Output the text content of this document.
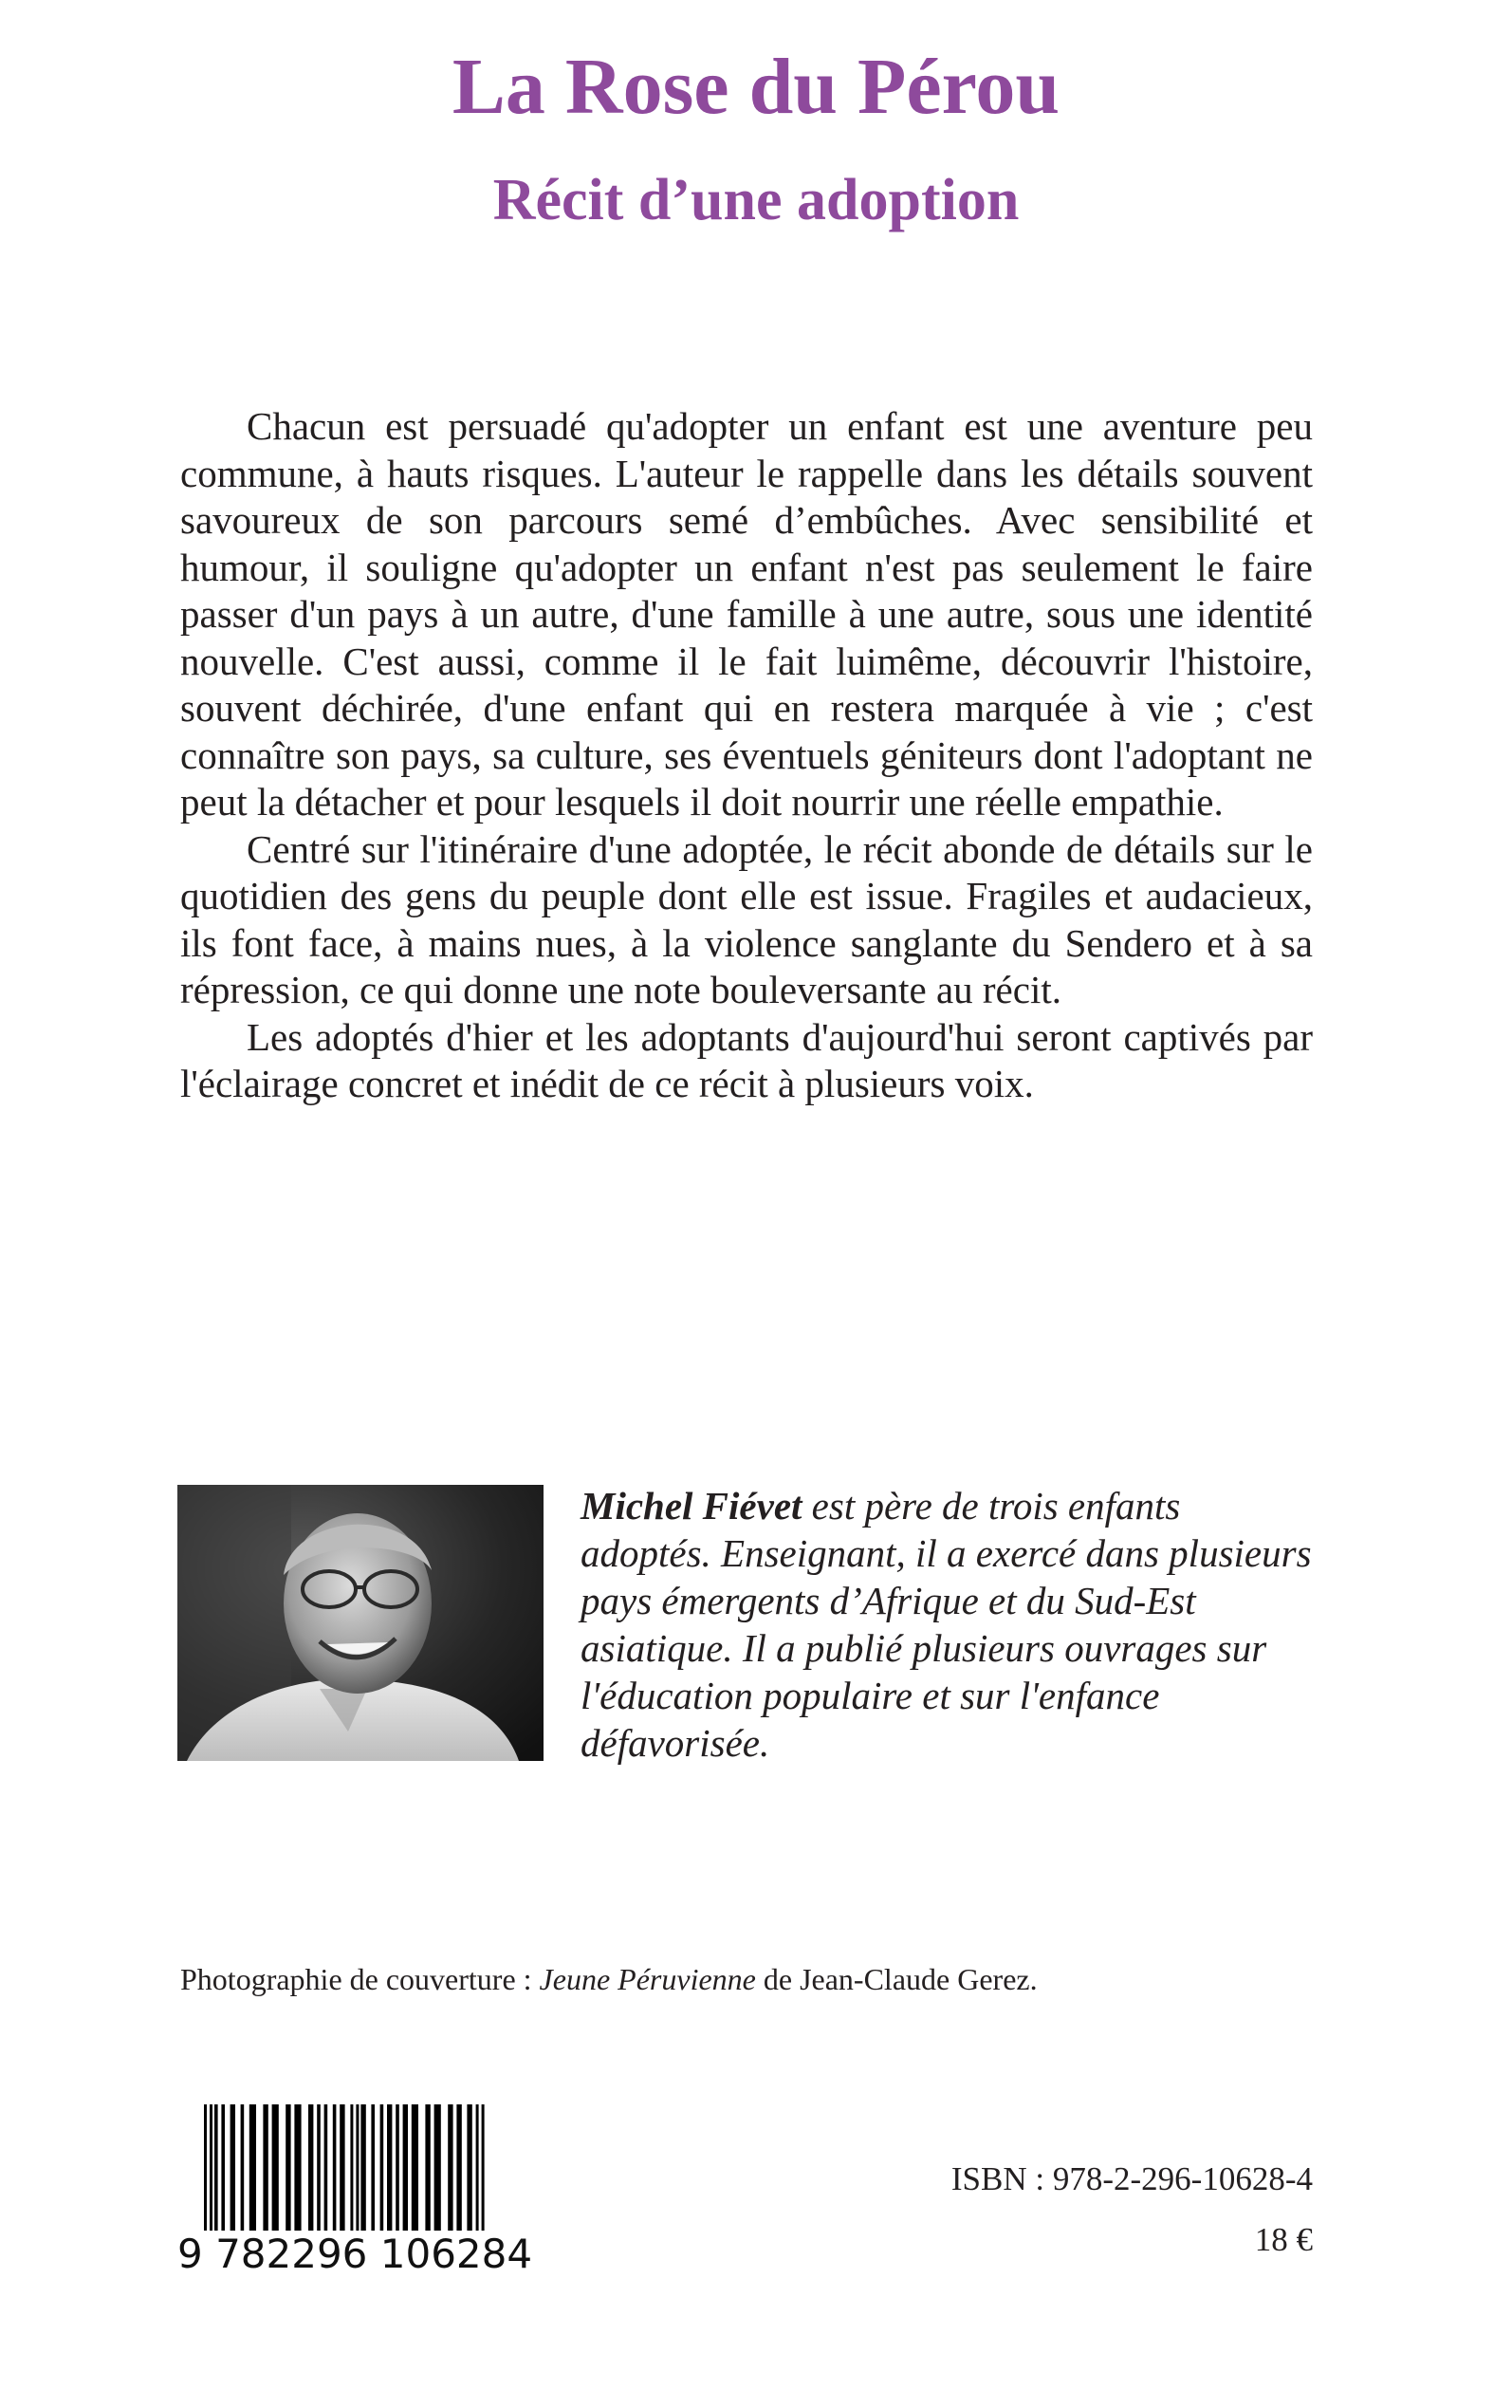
La Rose du Pérou
Récit d’une adoption

Chacun est persuadé qu'adopter un enfant est une aventure peu commune, à hauts risques. L'auteur le rappelle dans les détails souvent savoureux de son parcours semé d’embûches. Avec sensibilité et humour, il souligne qu'adopter un enfant n'est pas seulement le faire passer d'un pays à un autre, d'une famille à une autre, sous une identité nouvelle. C'est aussi, comme il le fait luimême, découvrir l'histoire, souvent déchirée, d'une enfant qui en restera marquée à vie ; c'est connaître son pays, sa culture, ses éventuels géniteurs dont l'adoptant ne peut la détacher et pour lesquels il doit nourrir une réelle empathie.

Centré sur l'itinéraire d'une adoptée, le récit abonde de détails sur le quotidien des gens du peuple dont elle est issue. Fragiles et audacieux, ils font face, à mains nues, à la violence sanglante du Sendero et à sa répression, ce qui donne une note bouleversante au récit.

Les adoptés d'hier et les adoptants d'aujourd'hui seront captivés par l'éclairage concret et inédit de ce récit à plusieurs voix.

Michel Fiévet est père de trois enfants adoptés. Enseignant, il a exercé dans plusieurs pays émergents d’Afrique et du Sud-Est asiatique. Il a publié plusieurs ouvrages sur l'éducation populaire et sur l'enfance défavorisée.

Photographie de couverture : Jeune Péruvienne de Jean-Claude Gerez.

9 782296 106284

ISBN : 978-2-296-10628-4

18 €
